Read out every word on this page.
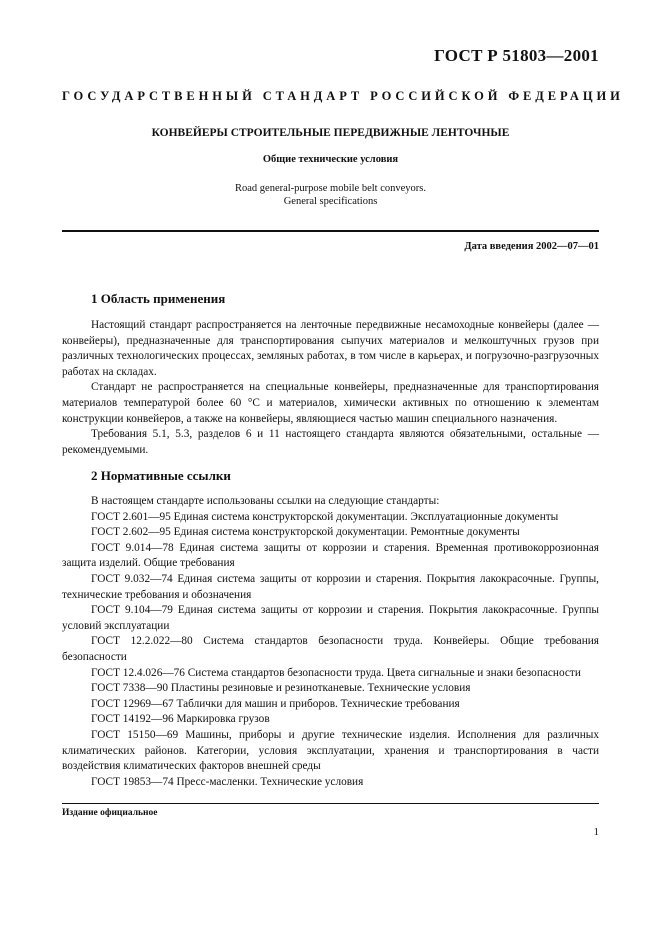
ГОСТ Р 51803—2001
ГОСУДАРСТВЕННЫЙ СТАНДАРТ РОССИЙСКОЙ ФЕДЕРАЦИИ
КОНВЕЙЕРЫ СТРОИТЕЛЬНЫЕ ПЕРЕДВИЖНЫЕ ЛЕНТОЧНЫЕ
Общие технические условия
Road general-purpose mobile belt conveyors.
General specifications
Дата введения 2002—07—01
1 Область применения

Настоящий стандарт распространяется на ленточные передвижные несамоходные конвейеры (далее — конвейеры), предназначенные для транспортирования сыпучих материалов и мелкоштучных грузов при различных технологических процессах, земляных работах, в том числе в карьерах, и погрузочно-разгрузочных работах на складах.

Стандарт не распространяется на специальные конвейеры, предназначенные для транспортирования материалов температурой более 60 °С и материалов, химически активных по отношению к элементам конструкции конвейеров, а также на конвейеры, являющиеся частью машин специального назначения.

Требования 5.1, 5.3, разделов 6 и 11 настоящего стандарта являются обязательными, остальные — рекомендуемыми.

2 Нормативные ссылки

В настоящем стандарте использованы ссылки на следующие стандарты:

ГОСТ 2.601—95 Единая система конструкторской документации. Эксплуатационные документы

ГОСТ 2.602—95 Единая система конструкторской документации. Ремонтные документы

ГОСТ 9.014—78 Единая система защиты от коррозии и старения. Временная противокоррозионная защита изделий. Общие требования

ГОСТ 9.032—74 Единая система защиты от коррозии и старения. Покрытия лакокрасочные. Группы, технические требования и обозначения

ГОСТ 9.104—79 Единая система защиты от коррозии и старения. Покрытия лакокрасочные. Группы условий эксплуатации

ГОСТ 12.2.022—80 Система стандартов безопасности труда. Конвейеры. Общие требования безопасности

ГОСТ 12.4.026—76 Система стандартов безопасности труда. Цвета сигнальные и знаки безопасности

ГОСТ 7338—90 Пластины резиновые и резинотканевые. Технические условия

ГОСТ 12969—67 Таблички для машин и приборов. Технические требования

ГОСТ 14192—96 Маркировка грузов

ГОСТ 15150—69 Машины, приборы и другие технические изделия. Исполнения для различных климатических районов. Категории, условия эксплуатации, хранения и транспортирования в части воздействия климатических факторов внешней среды

ГОСТ 19853—74 Пресс-масленки. Технические условия

Издание официальное
1
